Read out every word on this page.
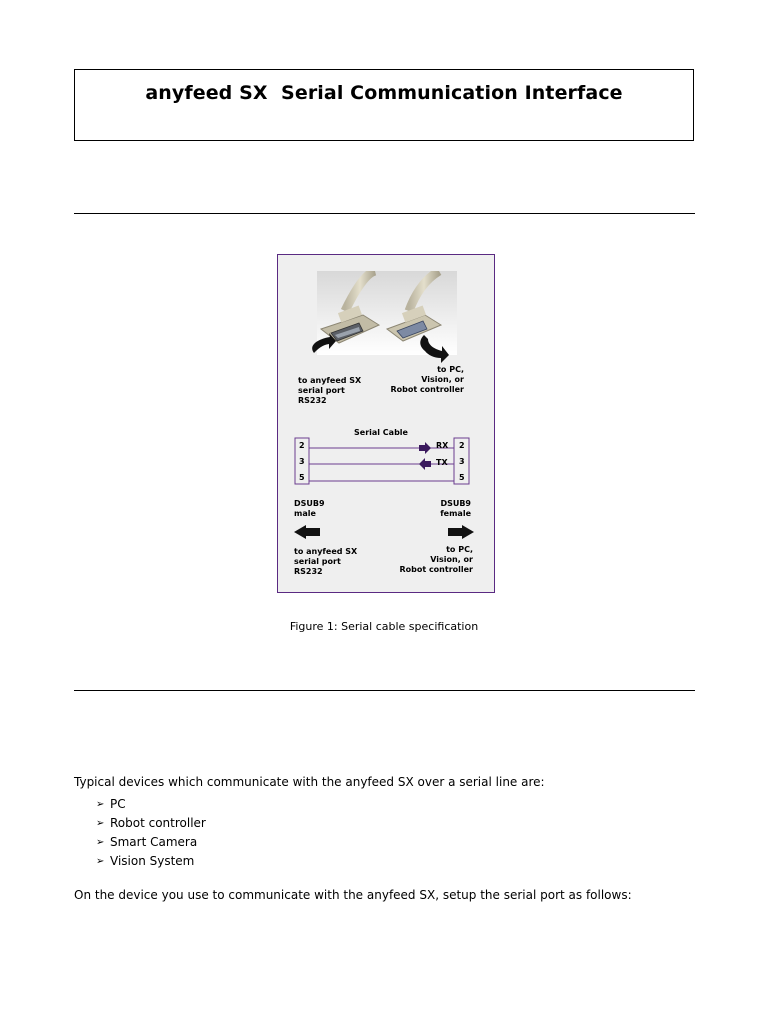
anyfeed SX  Serial Communication Interface
to anyfeed SX
serial port
RS232
to PC,
Vision, or
Robot controller
Serial Cable
2
3
5
2
3
5
RX
TX
DSUB9
male
DSUB9
female
to anyfeed SX
serial port
RS232
to PC,
Vision, or
Robot controller
Figure 1: Serial cable specification
Typical devices which communicate with the anyfeed SX over a serial line are:
➢ PC
➢ Robot controller
➢ Smart Camera
➢ Vision System
On the device you use to communicate with the anyfeed SX, setup the serial port as follows:
